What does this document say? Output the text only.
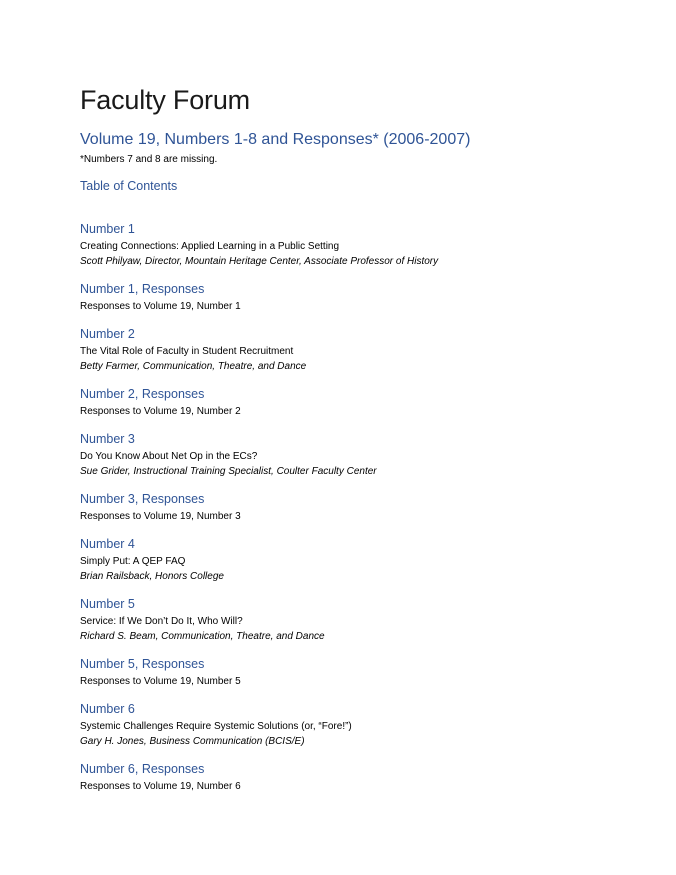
Faculty Forum
Volume 19, Numbers 1-8 and Responses* (2006-2007)
*Numbers 7 and 8 are missing.
Table of Contents
Number 1
Creating Connections: Applied Learning in a Public Setting
Scott Philyaw, Director, Mountain Heritage Center, Associate Professor of History
Number 1, Responses
Responses to Volume 19, Number 1
Number 2
The Vital Role of Faculty in Student Recruitment
Betty Farmer, Communication, Theatre, and Dance
Number 2, Responses
Responses to Volume 19, Number 2
Number 3
Do You Know About Net Op in the ECs?
Sue Grider, Instructional Training Specialist, Coulter Faculty Center
Number 3, Responses
Responses to Volume 19, Number 3
Number 4
Simply Put: A QEP FAQ
Brian Railsback, Honors College
Number 5
Service: If We Don’t Do It, Who Will?
Richard S. Beam, Communication, Theatre, and Dance
Number 5, Responses
Responses to Volume 19, Number 5
Number 6
Systemic Challenges Require Systemic Solutions (or, “Fore!”)
Gary H. Jones, Business Communication (BCIS/E)
Number 6, Responses
Responses to Volume 19, Number 6
